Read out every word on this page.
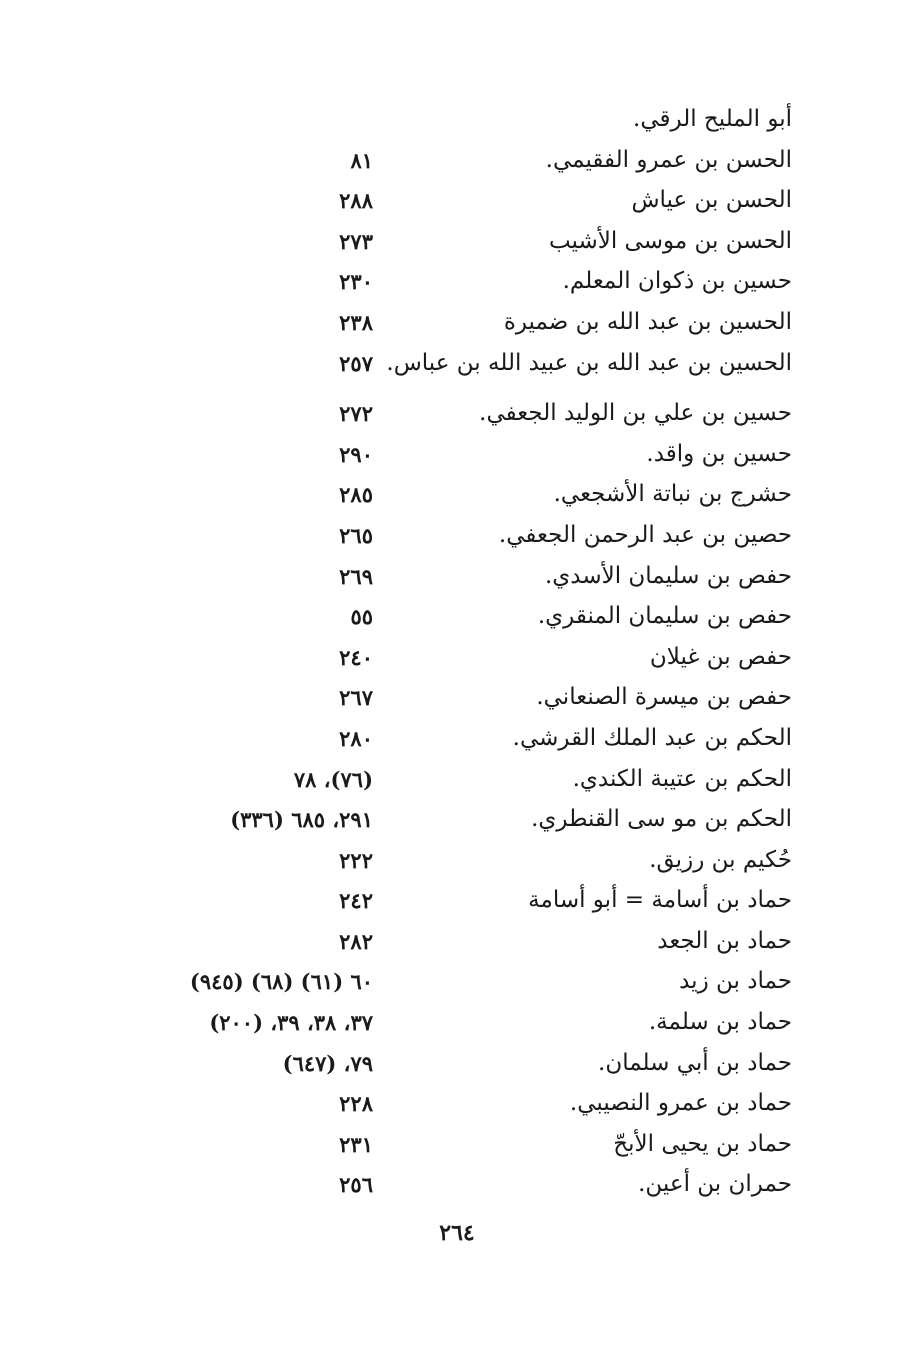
أبو المليح الرقي.
الحسن بن عمرو الفقيمي.
٨١
الحسن بن عياش
٢٨٨
الحسن بن موسى الأشيب
٢٧٣
حسين بن ذكوان المعلم.
٢٣٠
الحسين بن عبد الله بن ضميرة
٢٣٨
الحسين بن عبد الله بن عبيد الله بن عباس.
٢٥٧
حسين بن علي بن الوليد الجعفي.
٢٧٢
حسين بن واقد.
٢٩٠
حشرج بن نباتة الأشجعي.
٢٨٥
حصين بن عبد الرحمن الجعفي.
٢٦٥
حفص بن سليمان الأسدي.
٢٦٩
حفص بن سليمان المنقري.
٥٥
حفص بن غيلان
٢٤٠
حفص بن ميسرة الصنعاني.
٢٦٧
الحكم بن عبد الملك القرشي.
٢٨٠
الحكم بن عتيبة الكندي.
(٧٦)، ٧٨
الحكم بن مو سى القنطري.
٢٩١، ٦٨٥ (٣٣٦)
حُكيم بن رزيق.
٢٢٢
حماد بن أسامة = أبو أسامة
٢٤٢
حماد بن الجعد
٢٨٢
حماد بن زيد
٦٠ (٦١) (٦٨) (٩٤٥)
حماد بن سلمة.
٣٧، ٣٨، ٣٩، (٢٠٠)
حماد بن أبي سلمان.
٧٩، (٦٤٧)
حماد بن عمرو النصيبي.
٢٢٨
حماد بن يحيى الأبحّ
٢٣١
حمران بن أعين.
٢٥٦
٢٦٤
